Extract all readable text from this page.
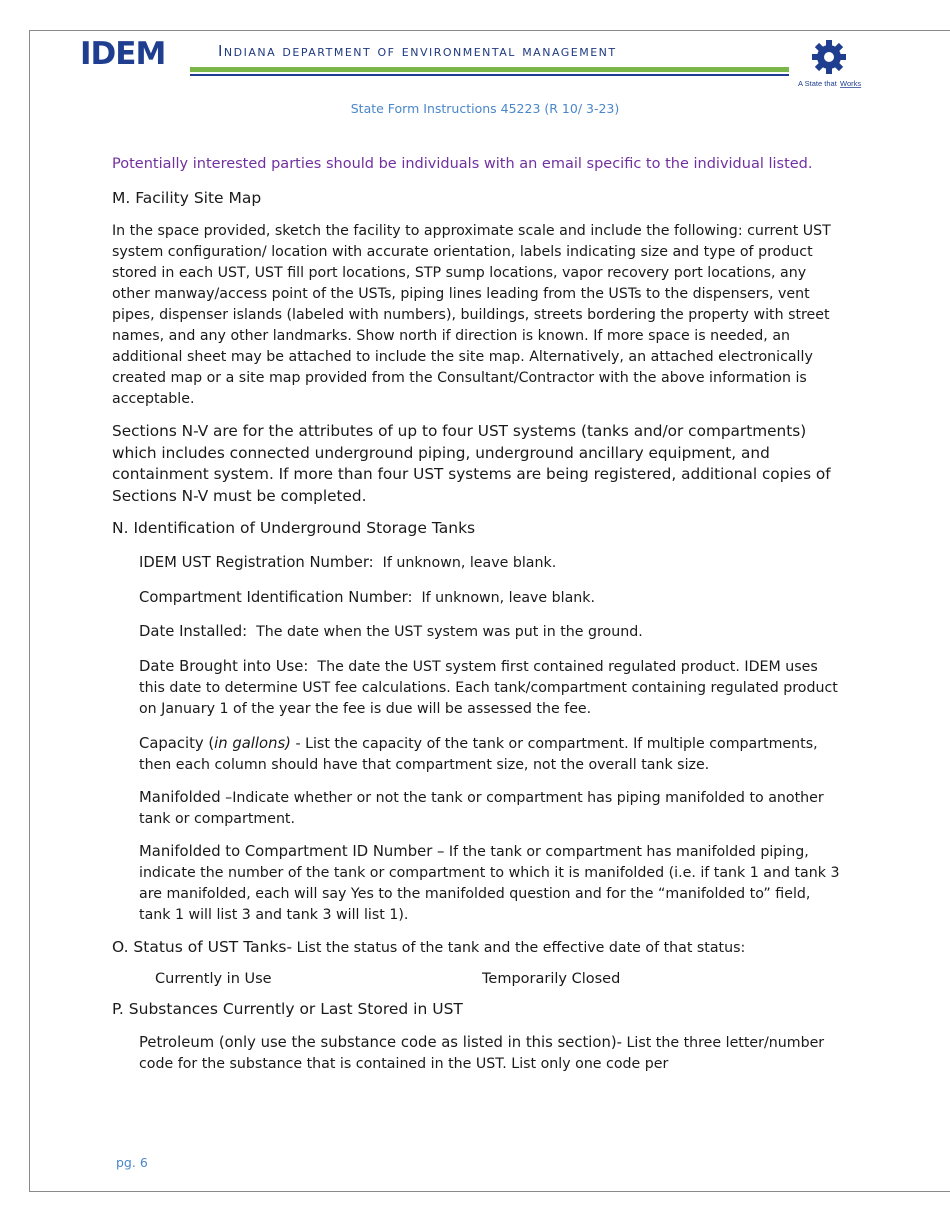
IDEM	Indiana department of environmental management
A State that Works
State Form Instructions 45223 (R 10/ 3-23)

Potentially interested parties should be individuals with an email specific to the individual listed.

M. Facility Site Map

In the space provided, sketch the facility to approximate scale and include the following: current UST system configuration/ location with accurate orientation, labels indicating size and type of product stored in each UST, UST fill port locations, STP sump locations, vapor recovery port locations, any other manway/access point of the USTs, piping lines leading from the USTs to the dispensers, vent pipes, dispenser islands (labeled with numbers), buildings, streets bordering the property with street names, and any other landmarks. Show north if direction is known. If more space is needed, an additional sheet may be attached to include the site map. Alternatively, an attached electronically created map or a site map provided from the Consultant/Contractor with the above information is acceptable.

Sections N-V are for the attributes of up to four UST systems (tanks and/or compartments) which includes connected underground piping, underground ancillary equipment, and containment system. If more than four UST systems are being registered, additional copies of Sections N-V must be completed.

N. Identification of Underground Storage Tanks

IDEM UST Registration Number: If unknown, leave blank.

Compartment Identification Number: If unknown, leave blank.

Date Installed: The date when the UST system was put in the ground.

Date Brought into Use: The date the UST system first contained regulated product. IDEM uses this date to determine UST fee calculations. Each tank/compartment containing regulated product on January 1 of the year the fee is due will be assessed the fee.

Capacity (in gallons) - List the capacity of the tank or compartment. If multiple compartments, then each column should have that compartment size, not the overall tank size.

Manifolded –Indicate whether or not the tank or compartment has piping manifolded to another tank or compartment.

Manifolded to Compartment ID Number – If the tank or compartment has manifolded piping, indicate the number of the tank or compartment to which it is manifolded (i.e. if tank 1 and tank 3 are manifolded, each will say Yes to the manifolded question and for the “manifolded to” field, tank 1 will list 3 and tank 3 will list 1).

O. Status of UST Tanks- List the status of the tank and the effective date of that status:

Currently in Use	Temporarily Closed

P. Substances Currently or Last Stored in UST

Petroleum (only use the substance code as listed in this section)- List the three letter/number code for the substance that is contained in the UST. List only one code per

pg. 6
